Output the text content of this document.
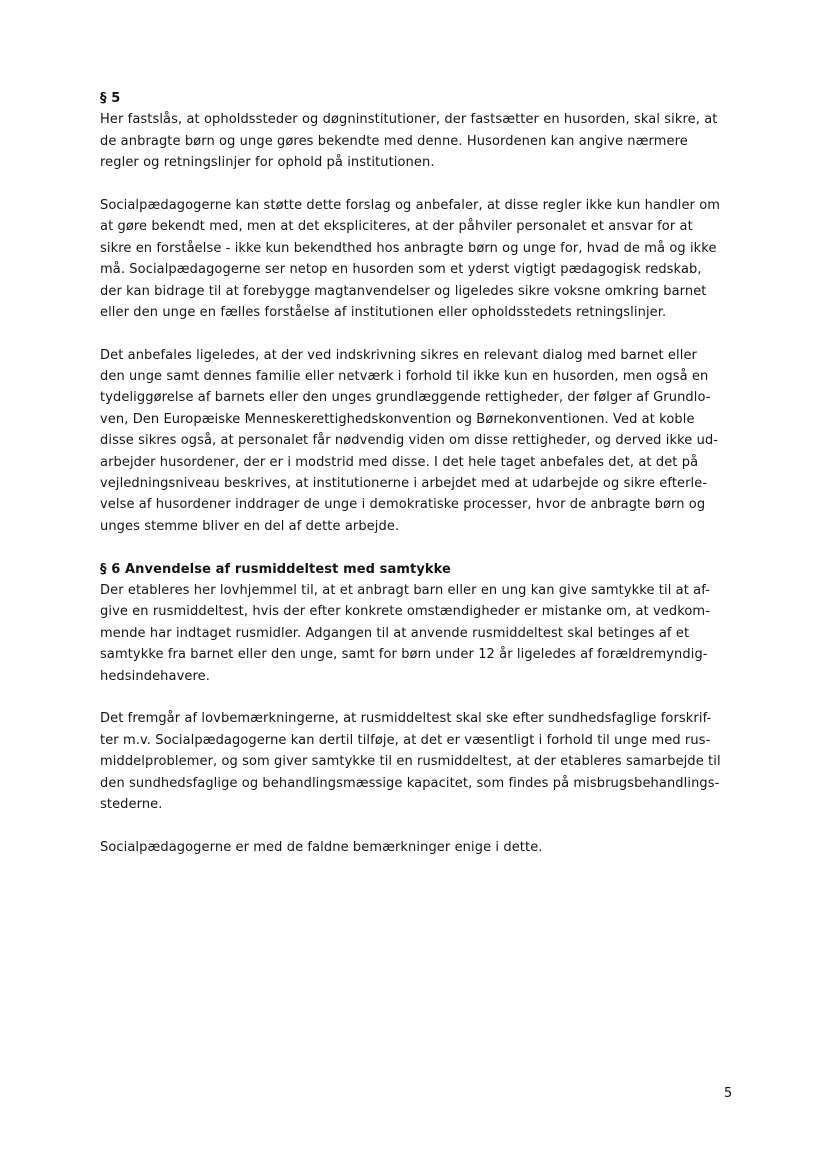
§ 5
Her fastslås, at opholdssteder og døgninstitutioner, der fastsætter en husorden, skal sikre, at
de anbragte børn og unge gøres bekendte med denne. Husordenen kan angive nærmere
regler og retningslinjer for ophold på institutionen.
Socialpædagogerne kan støtte dette forslag og anbefaler, at disse regler ikke kun handler om
at gøre bekendt med, men at det ekspliciteres, at der påhviler personalet et ansvar for at
sikre en forståelse - ikke kun bekendthed hos anbragte børn og unge for, hvad de må og ikke
må. Socialpædagogerne ser netop en husorden som et yderst vigtigt pædagogisk redskab,
der kan bidrage til at forebygge magtanvendelser og ligeledes sikre voksne omkring barnet
eller den unge en fælles forståelse af institutionen eller opholdsstedets retningslinjer.
Det anbefales ligeledes, at der ved indskrivning sikres en relevant dialog med barnet eller
den unge samt dennes familie eller netværk i forhold til ikke kun en husorden, men også en
tydeliggørelse af barnets eller den unges grundlæggende rettigheder, der følger af Grundlo-
ven, Den Europæiske Menneskerettighedskonvention og Børnekonventionen. Ved at koble
disse sikres også, at personalet får nødvendig viden om disse rettigheder, og derved ikke ud-
arbejder husordener, der er i modstrid med disse. I det hele taget anbefales det, at det på
vejledningsniveau beskrives, at institutionerne i arbejdet med at udarbejde og sikre efterle-
velse af husordener inddrager de unge i demokratiske processer, hvor de anbragte børn og
unges stemme bliver en del af dette arbejde.
§ 6 Anvendelse af rusmiddeltest med samtykke
Der etableres her lovhjemmel til, at et anbragt barn eller en ung kan give samtykke til at af-
give en rusmiddeltest, hvis der efter konkrete omstændigheder er mistanke om, at vedkom-
mende har indtaget rusmidler. Adgangen til at anvende rusmiddeltest skal betinges af et
samtykke fra barnet eller den unge, samt for børn under 12 år ligeledes af forældremyndig-
hedsindehavere.
Det fremgår af lovbemærkningerne, at rusmiddeltest skal ske efter sundhedsfaglige forskrif-
ter m.v. Socialpædagogerne kan dertil tilføje, at det er væsentligt i forhold til unge med rus-
middelproblemer, og som giver samtykke til en rusmiddeltest, at der etableres samarbejde til
den sundhedsfaglige og behandlingsmæssige kapacitet, som findes på misbrugsbehandlings-
stederne.
Socialpædagogerne er med de faldne bemærkninger enige i dette.
5
